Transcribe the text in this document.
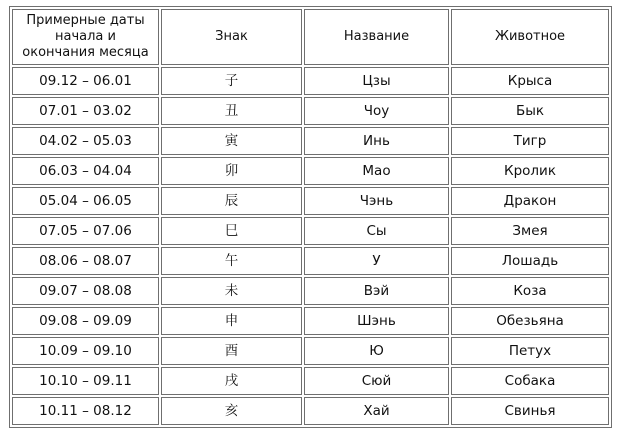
Примерные даты начала и окончания месяца	Знак	Название	Животное
09.12 – 06.01	子	Цзы	Крыса
07.01 – 03.02	丑	Чоу	Бык
04.02 – 05.03	寅	Инь	Тигр
06.03 – 04.04	卯	Мао	Кролик
05.04 – 06.05	辰	Чэнь	Дракон
07.05 – 07.06	巳	Сы	Змея
08.06 – 08.07	午	У	Лошадь
09.07 – 08.08	未	Вэй	Коза
09.08 – 09.09	申	Шэнь	Обезьяна
10.09 – 09.10	酉	Ю	Петух
10.10 – 09.11	戌	Сюй	Собака
10.11 – 08.12	亥	Хай	Свинья
